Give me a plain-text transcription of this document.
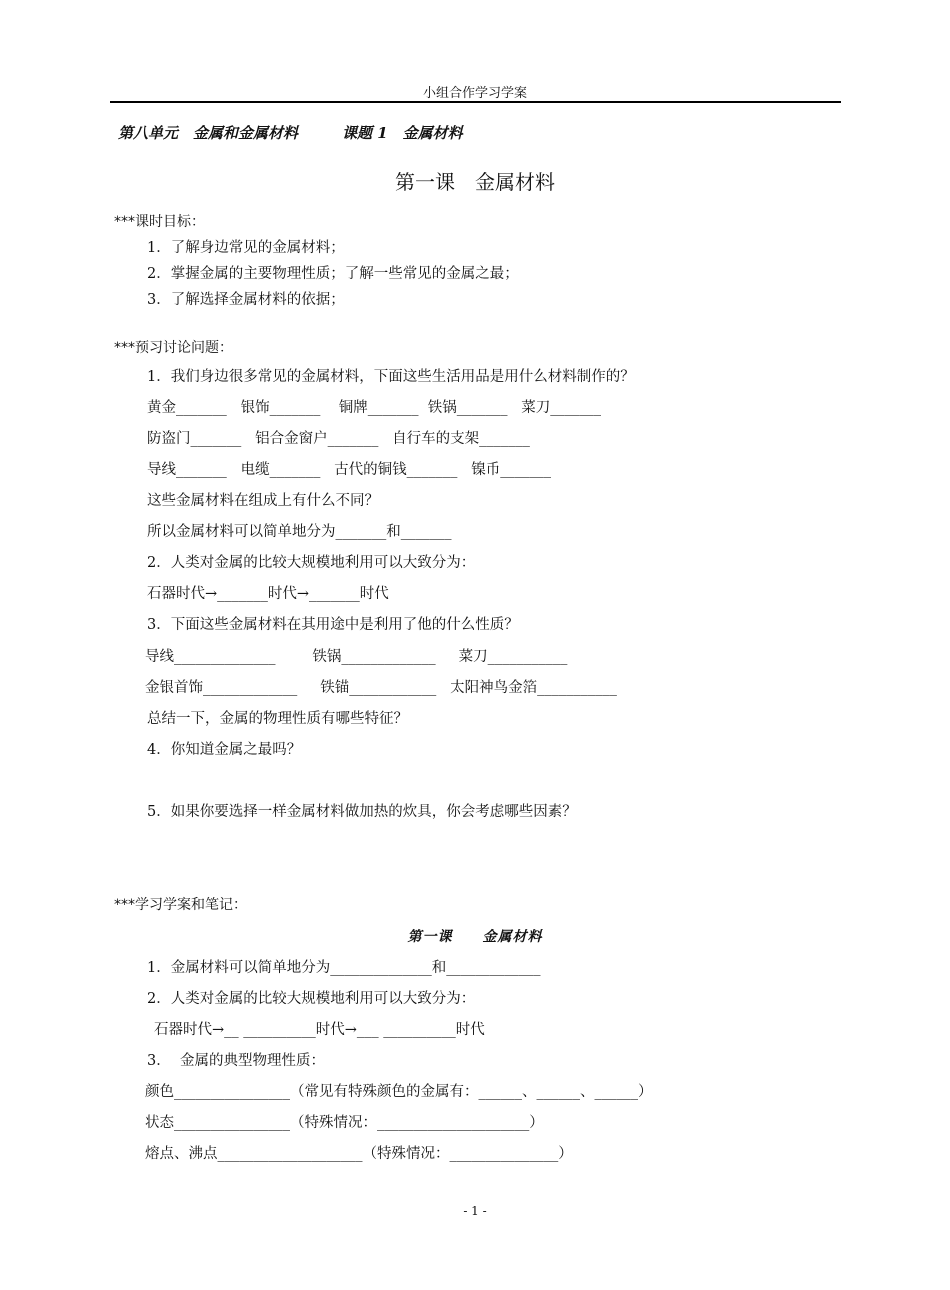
小组合作学习学案
第八单元　金属和金属材料	课题 1　金属材料
第一课　金属材料
***课时目标：
1．了解身边常见的金属材料；
2．掌握金属的主要物理性质；了解一些常见的金属之最；
3．了解选择金属材料的依据；
***预习讨论问题：
1．我们身边很多常见的金属材料，下面这些生活用品是用什么材料制作的？
黄金_______   银饰_______    铜牌_______  铁锅_______   菜刀_______
防盗门_______   铝合金窗户_______   自行车的支架_______
导线_______   电缆_______   古代的铜钱_______   镍币_______
这些金属材料在组成上有什么不同？
所以金属材料可以简单地分为_______和_______
2．人类对金属的比较大规模地利用可以大致分为：
石器时代→_______时代→_______时代
3．下面这些金属材料在其用途中是利用了他的什么性质？
导线______________        铁锅_____________     菜刀___________
金银首饰_____________     铁锚____________   太阳神鸟金箔___________
总结一下，金属的物理性质有哪些特征？
4．你知道金属之最吗？
5．如果你要选择一样金属材料做加热的炊具，你会考虑哪些因素？
***学习学案和笔记：
第一课　　金属材料
1．金属材料可以简单地分为______________和_____________
2．人类对金属的比较大规模地利用可以大致分为：
石器时代→__ __________时代→___ __________时代
3．  金属的典型物理性质：
颜色________________（常见有特殊颜色的金属有：______、______、______）
状态________________（特殊情况：_____________________）
熔点、沸点____________________（特殊情况：_______________）
- 1 -
